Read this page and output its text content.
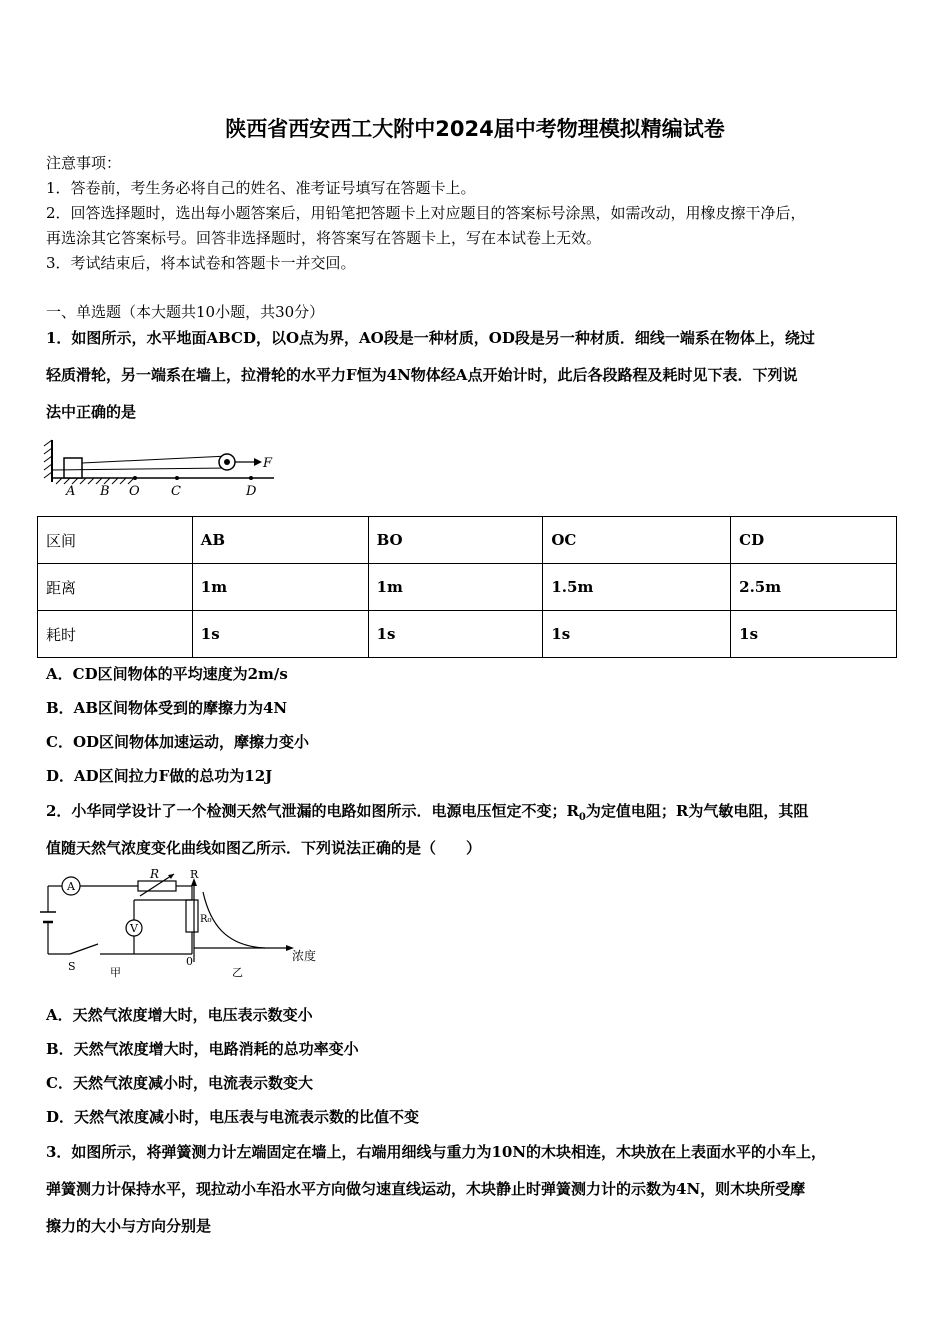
陕西省西安西工大附中2024届中考物理模拟精编试卷
注意事项：
1．答卷前，考生务必将自己的姓名、准考证号填写在答题卡上。
2．回答选择题时，选出每小题答案后，用铅笔把答题卡上对应题目的答案标号涂黑，如需改动，用橡皮擦干净后，
再选涂其它答案标号。回答非选择题时，将答案写在答题卡上，写在本试卷上无效。
3．考试结束后，将本试卷和答题卡一并交回。
一、单选题（本大题共10小题，共30分）
1．如图所示，水平地面ABCD，以O点为界，AO段是一种材质，OD段是另一种材质．细线一端系在物体上，绕过
轻质滑轮，另一端系在墙上，拉滑轮的水平力F恒为4N物体经A点开始计时，此后各段路程及耗时见下表．下列说
法中正确的是
F
A B O C	D
区间	AB	BO	OC	CD
距离	1m	1m	1.5m	2.5m
耗时	1s	1s	1s	1s
A．CD区间物体的平均速度为2m/s
B．AB区间物体受到的摩擦力为4N
C．OD区间物体加速运动，摩擦力变小
D．AD区间拉力F做的总功为12J
2．小华同学设计了一个检测天然气泄漏的电路如图所示．电源电压恒定不变；$R_0$为定值电阻；R为气敏电阻，其阻
值随天然气浓度变化曲线如图乙所示．下列说法正确的是（　　）
A
V
R
R₀
S	甲
R
0	浓度
乙
A．天然气浓度增大时，电压表示数变小
B．天然气浓度增大时，电路消耗的总功率变小
C．天然气浓度减小时，电流表示数变大
D．天然气浓度减小时，电压表与电流表示数的比值不变
3．如图所示，将弹簧测力计左端固定在墙上，右端用细线与重力为10N的木块相连，木块放在上表面水平的小车上，
弹簧测力计保持水平，现拉动小车沿水平方向做匀速直线运动，木块静止时弹簧测力计的示数为4N，则木块所受摩
擦力的大小与方向分别是
